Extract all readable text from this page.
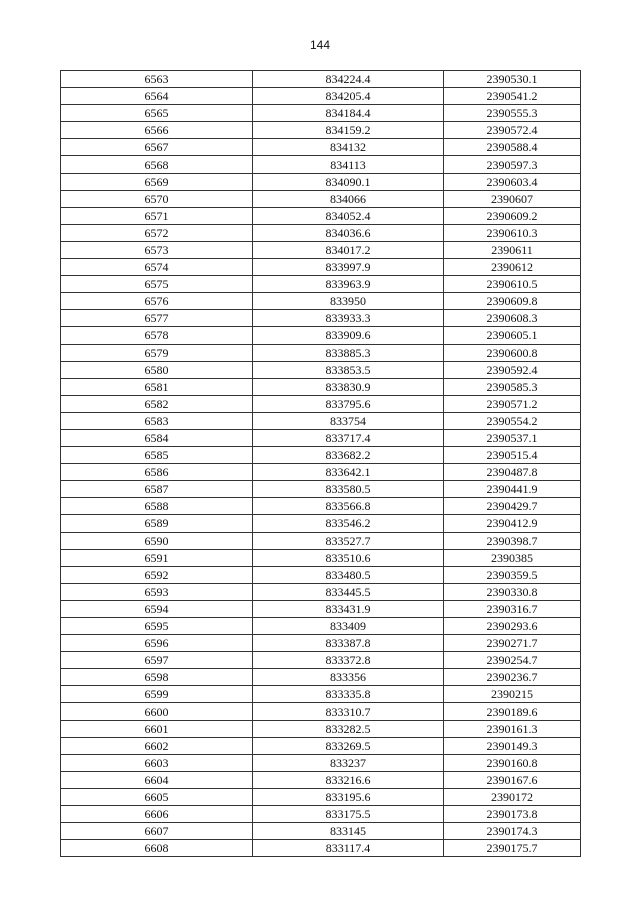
144
6563	834224.4	2390530.1
6564	834205.4	2390541.2
6565	834184.4	2390555.3
6566	834159.2	2390572.4
6567	834132	2390588.4
6568	834113	2390597.3
6569	834090.1	2390603.4
6570	834066	2390607
6571	834052.4	2390609.2
6572	834036.6	2390610.3
6573	834017.2	2390611
6574	833997.9	2390612
6575	833963.9	2390610.5
6576	833950	2390609.8
6577	833933.3	2390608.3
6578	833909.6	2390605.1
6579	833885.3	2390600.8
6580	833853.5	2390592.4
6581	833830.9	2390585.3
6582	833795.6	2390571.2
6583	833754	2390554.2
6584	833717.4	2390537.1
6585	833682.2	2390515.4
6586	833642.1	2390487.8
6587	833580.5	2390441.9
6588	833566.8	2390429.7
6589	833546.2	2390412.9
6590	833527.7	2390398.7
6591	833510.6	2390385
6592	833480.5	2390359.5
6593	833445.5	2390330.8
6594	833431.9	2390316.7
6595	833409	2390293.6
6596	833387.8	2390271.7
6597	833372.8	2390254.7
6598	833356	2390236.7
6599	833335.8	2390215
6600	833310.7	2390189.6
6601	833282.5	2390161.3
6602	833269.5	2390149.3
6603	833237	2390160.8
6604	833216.6	2390167.6
6605	833195.6	2390172
6606	833175.5	2390173.8
6607	833145	2390174.3
6608	833117.4	2390175.7
